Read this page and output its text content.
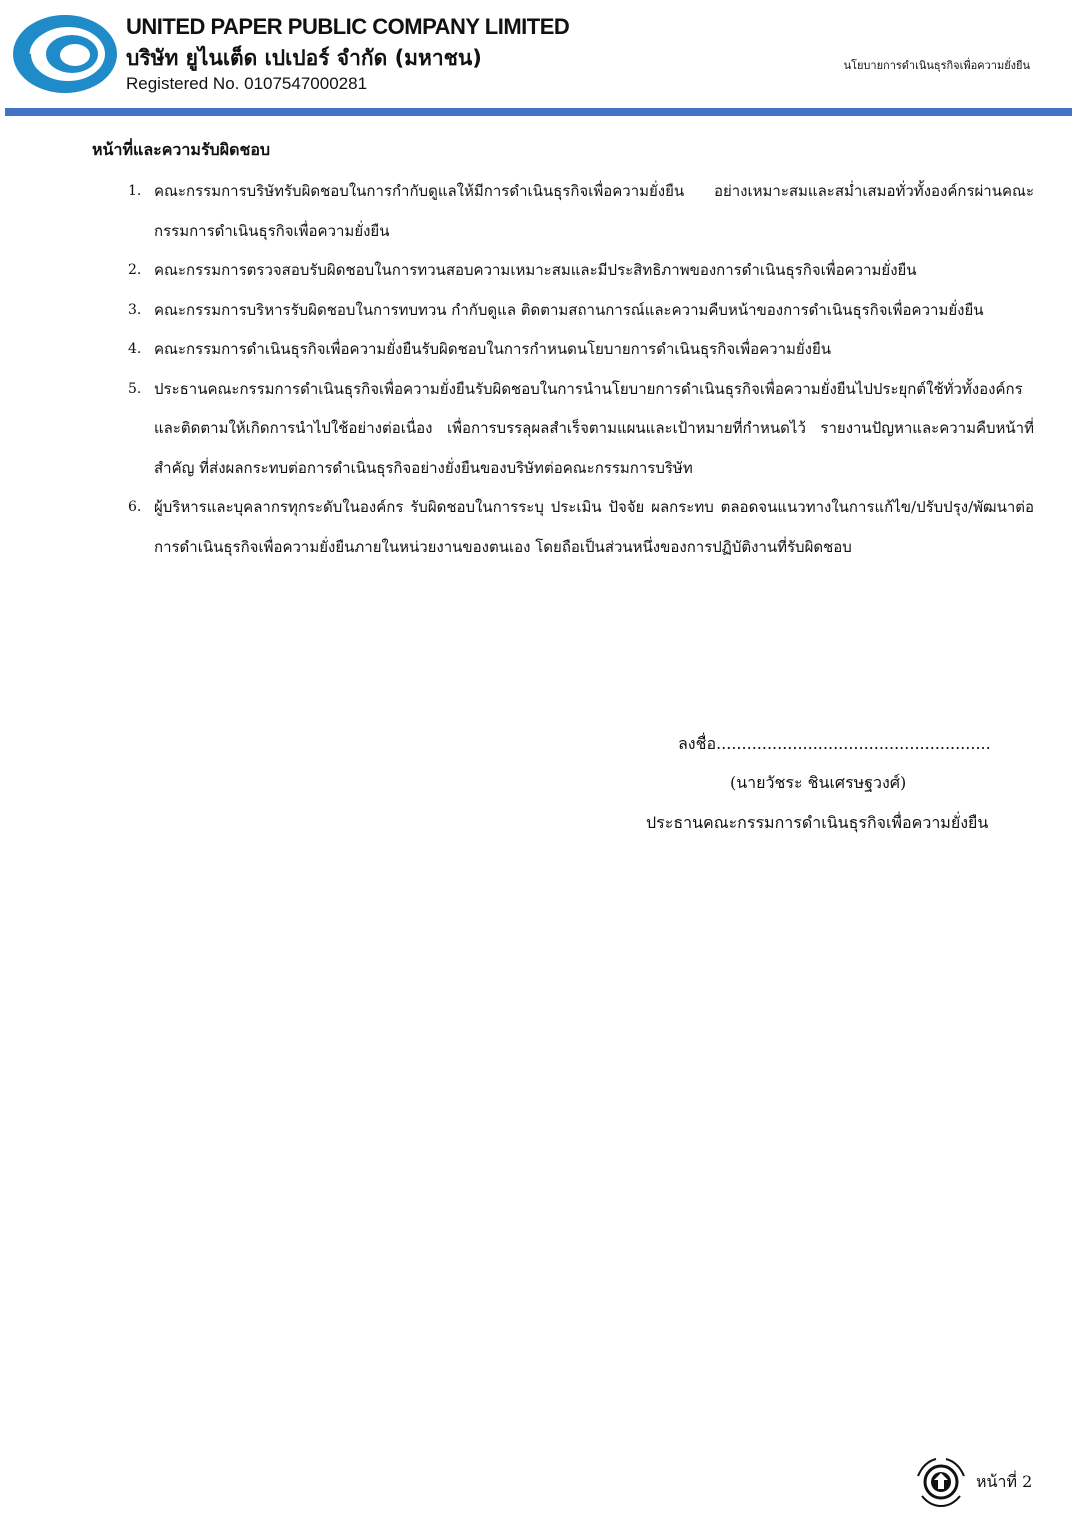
UNITED PAPER PUBLIC COMPANY LIMITED
บริษัท ยูไนเต็ด เปเปอร์ จำกัด (มหาชน)
Registered No. 0107547000281
นโยบายการดำเนินธุรกิจเพื่อความยั่งยืน
หน้าที่และความรับผิดชอบ
1. คณะกรรมการบริษัทรับผิดชอบในการกำกับดูแลให้มีการดำเนินธุรกิจเพื่อความยั่งยืน อย่างเหมาะสมและสม่ำเสมอทั่วทั้งองค์กรผ่านคณะกรรมการดำเนินธุรกิจเพื่อความยั่งยืน
2. คณะกรรมการตรวจสอบรับผิดชอบในการทวนสอบความเหมาะสมและมีประสิทธิภาพของการดำเนินธุรกิจเพื่อความยั่งยืน
3. คณะกรรมการบริหารรับผิดชอบในการทบทวน กำกับดูแล ติดตามสถานการณ์และความคืบหน้าของการดำเนินธุรกิจเพื่อความยั่งยืน
4. คณะกรรมการดำเนินธุรกิจเพื่อความยั่งยืนรับผิดชอบในการกำหนดนโยบายการดำเนินธุรกิจเพื่อความยั่งยืน
5. ประธานคณะกรรมการดำเนินธุรกิจเพื่อความยั่งยืนรับผิดชอบในการนำนโยบายการดำเนินธุรกิจเพื่อความยั่งยืนไปประยุกต์ใช้ทั่วทั้งองค์กรและติดตามให้เกิดการนำไปใช้อย่างต่อเนื่อง เพื่อการบรรลุผลสำเร็จตามแผนและเป้าหมายที่กำหนดไว้ รายงานปัญหาและความคืบหน้าที่สำคัญ ที่ส่งผลกระทบต่อการดำเนินธุรกิจอย่างยั่งยืนของบริษัทต่อคณะกรรมการบริษัท
6. ผู้บริหารและบุคลากรทุกระดับในองค์กร รับผิดชอบในการระบุ ประเมิน ปัจจัย ผลกระทบ ตลอดจนแนวทางในการแก้ไข/ปรับปรุง/พัฒนาต่อการดำเนินธุรกิจเพื่อความยั่งยืนภายในหน่วยงานของตนเอง โดยถือเป็นส่วนหนึ่งของการปฏิบัติงานที่รับผิดชอบ
ลงชื่อ......................................................
(นายวัชระ ชินเศรษฐวงศ์)
ประธานคณะกรรมการดำเนินธุรกิจเพื่อความยั่งยืน
หน้าที่ 2
